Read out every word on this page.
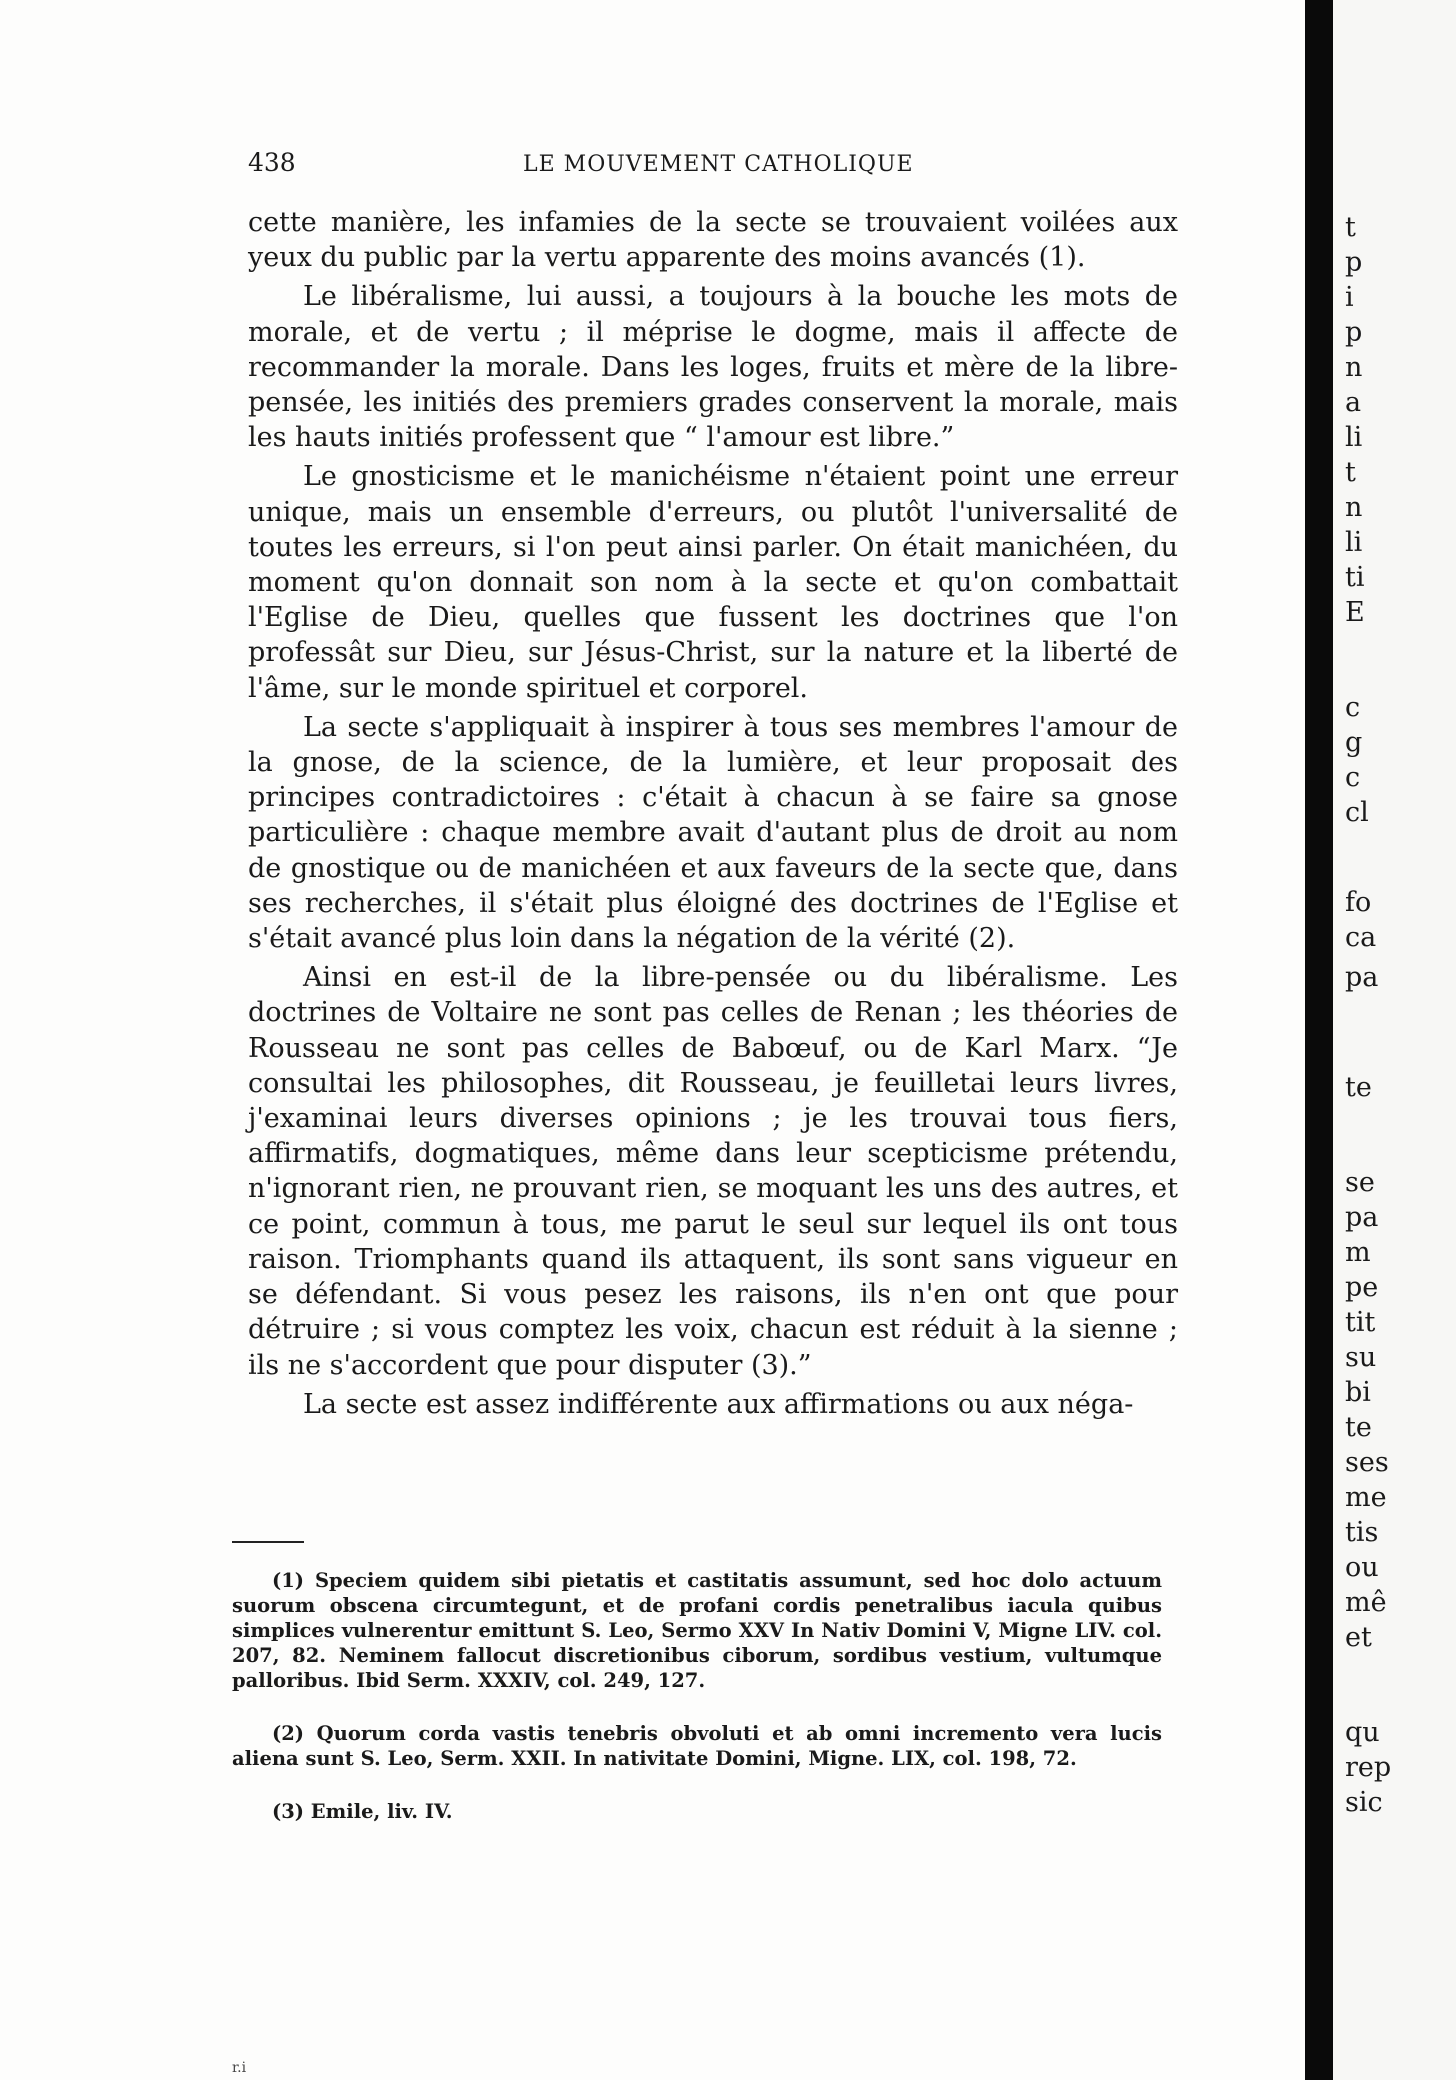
438	LE MOUVEMENT CATHOLIQUE

cette manière, les infamies de la secte se trouvaient voilées aux yeux du public par la vertu apparente des moins avancés (1).

Le libéralisme, lui aussi, a toujours à la bouche les mots de morale, et de vertu ; il méprise le dogme, mais il affecte de recommander la morale. Dans les loges, fruits et mère de la libre-pensée, les initiés des premiers grades conservent la morale, mais les hauts initiés professent que “ l'amour est libre.”

Le gnosticisme et le manichéisme n'étaient point une erreur unique, mais un ensemble d'erreurs, ou plutôt l'universalité de toutes les erreurs, si l'on peut ainsi parler. On était manichéen, du moment qu'on donnait son nom à la secte et qu'on combattait l'Eglise de Dieu, quelles que fussent les doctrines que l'on professât sur Dieu, sur Jésus-Christ, sur la nature et la liberté de l'âme, sur le monde spirituel et corporel.

La secte s'appliquait à inspirer à tous ses membres l'amour de la gnose, de la science, de la lumière, et leur proposait des principes contradictoires : c'était à chacun à se faire sa gnose particulière : chaque membre avait d'autant plus de droit au nom de gnostique ou de manichéen et aux faveurs de la secte que, dans ses recherches, il s'était plus éloigné des doctrines de l'Eglise et s'était avancé plus loin dans la négation de la vérité (2).

Ainsi en est-il de la libre-pensée ou du libéralisme. Les doctrines de Voltaire ne sont pas celles de Renan ; les théories de Rousseau ne sont pas celles de Babœuf, ou de Karl Marx. “Je consultai les philosophes, dit Rousseau, je feuilletai leurs livres, j'examinai leurs diverses opinions ; je les trouvai tous fiers, affirmatifs, dogmatiques, même dans leur scepticisme prétendu, n'ignorant rien, ne prouvant rien, se moquant les uns des autres, et ce point, commun à tous, me parut le seul sur lequel ils ont tous raison. Triomphants quand ils attaquent, ils sont sans vigueur en se défendant. Si vous pesez les raisons, ils n'en ont que pour détruire ; si vous comptez les voix, chacun est réduit à la sienne ; ils ne s'accordent que pour disputer (3).”

La secte est assez indifférente aux affirmations ou aux néga-

(1) Speciem quidem sibi pietatis et castitatis assumunt, sed hoc dolo actuum suorum obscena circumtegunt, et de profani cordis penetralibus iacula quibus simplices vulnerentur emittunt S. Leo, Sermo XXV In Nativ Domini V, Migne LIV. col. 207, 82. Neminem fallocut discretionibus ciborum, sordibus vestium, vultumque palloribus. Ibid Serm. XXXIV, col. 249, 127.

(2) Quorum corda vastis tenebris obvoluti et ab omni incremento vera lucis aliena sunt S. Leo, Serm. XXII. In nativitate Domini, Migne. LIX, col. 198, 72.

(3) Emile, liv. IV.

r.i
t
p
i
p
n
a
li
t
n
li
ti
E
c
g
c
cl
fo
ca
pa
te
se
pa
m
pe
tit
su
bi
te
ses
me
tis
ou
mê
et
qu
rep
sic
